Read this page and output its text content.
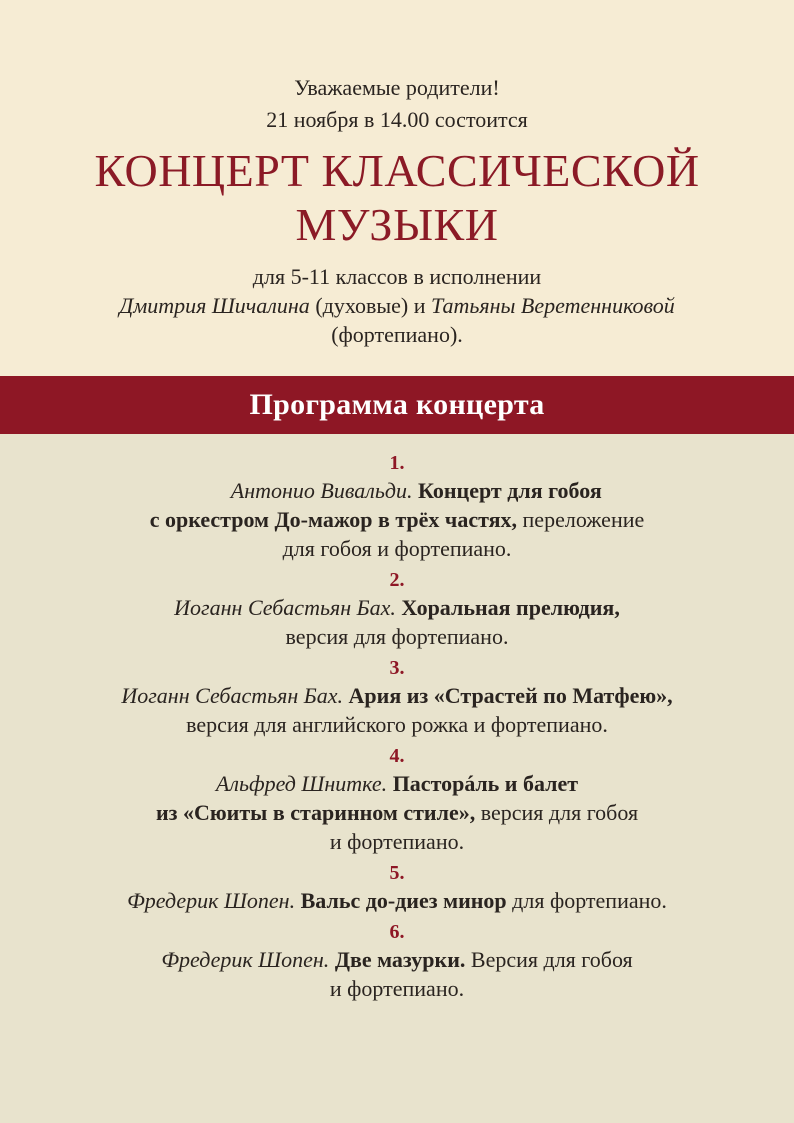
Уважаемые родители!
21 ноября в 14.00 состоится
КОНЦЕРТ КЛАССИЧЕСКОЙ
МУЗЫКИ
для 5-11 классов в исполнении
Дмитрия Шичалина (духовые) и Татьяны Веретенниковой
(фортепиано).
Программа концерта
1.
Антонио Вивальди. Концерт для гобоя
с оркестром До-мажор в трёх частях, переложение
для гобоя и фортепиано.
2.
Иоганн Себастьян Бах. Хоральная прелюдия,
версия для фортепиано.
3.
Иоганн Себастьян Бах. Ария из «Страстей по Матфею»,
версия для английского рожка и фортепиано.
4.
Альфред Шнитке. Пасторáль и балет
из «Сюиты в старинном стиле», версия для гобоя
и фортепиано.
5.
Фредерик Шопен. Вальс до-диез минор для фортепиано.
6.
Фредерик Шопен. Две мазурки. Версия для гобоя
и фортепиано.
